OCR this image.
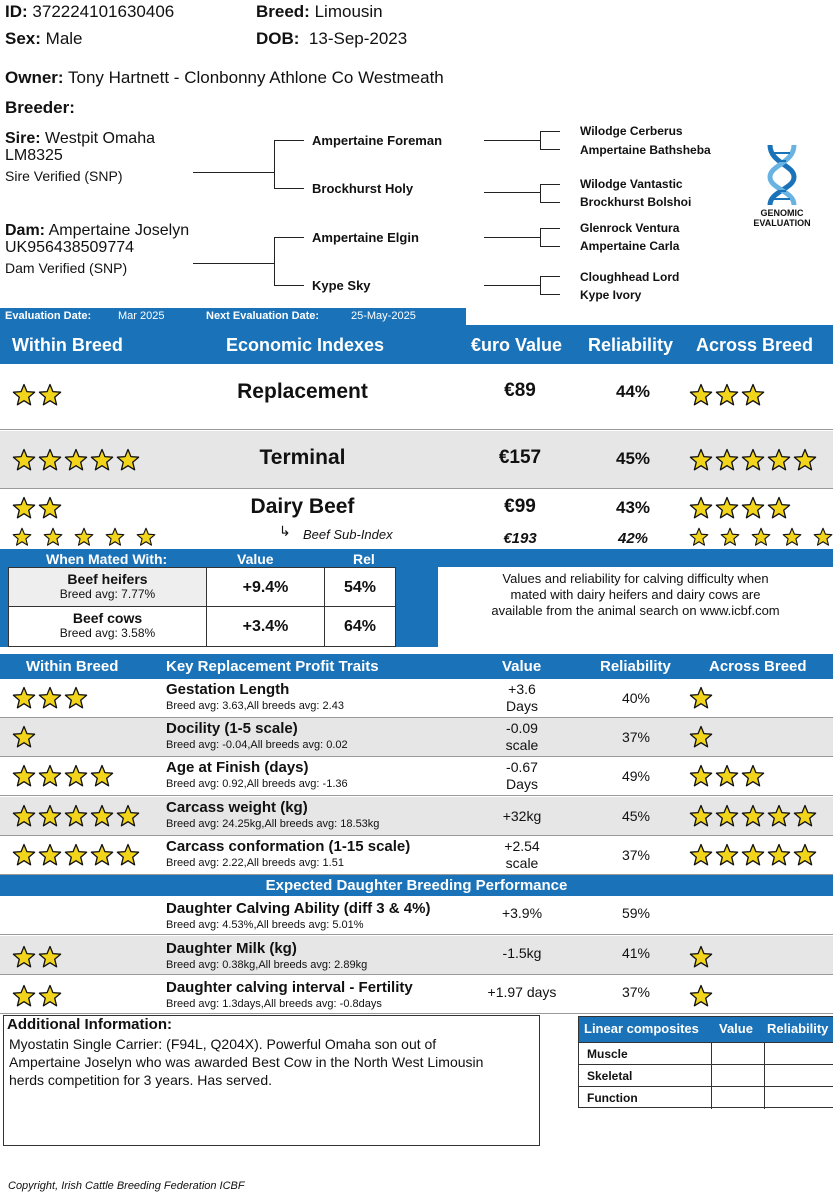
ID: 372224101630406	Breed: Limousin
Sex: Male	DOB: 13-Sep-2023
Owner: Tony Hartnett - Clonbonny Athlone Co Westmeath
Breeder:
Sire: Westpit Omaha
LM8325
Sire Verified (SNP)
Dam: Ampertaine Joselyn
UK956438509774
Dam Verified (SNP)
Ampertaine Foreman
Brockhurst Holy
Ampertaine Elgin
Kype Sky
Wilodge Cerberus
Ampertaine Bathsheba
Wilodge Vantastic
Brockhurst Bolshoi
Glenrock Ventura
Ampertaine Carla
Cloughhead Lord
Kype Ivory
GENOMIC
EVALUATION
Evaluation Date: Mar 2025	Next Evaluation Date:	25-May-2025
Within Breed	Economic Indexes	€uro Value Reliability Across Breed
Replacement	€89	44%
Terminal	€157	45%
Dairy Beef	€99	43%
↳ Beef Sub-Index	€193	42%
When Mated With:	Value	Rel
Beef heifers
Breed avg: 7.77%	+9.4%	54%
Beef cows
Breed avg: 3.58%	+3.4%	64%
Values and reliability for calving difficulty when mated with dairy heifers and dairy cows are available from the animal search on www.icbf.com
Within Breed	Key Replacement Profit Traits	Value	Reliability	Across Breed
Gestation Length
Breed avg: 3.63,All breeds avg: 2.43
+3.6
Days	40%
Docility (1-5 scale)
Breed avg: -0.04,All breeds avg: 0.02
-0.09
scale	37%
Age at Finish (days)
Breed avg: 0.92,All breeds avg: -1.36
-0.67
Days	49%
Carcass weight (kg)
Breed avg: 24.25kg,All breeds avg: 18.53kg	+32kg	45%
Carcass conformation (1-15 scale)
Breed avg: 2.22,All breeds avg: 1.51
+2.54
scale	37%
Expected Daughter Breeding Performance
Daughter Calving Ability (diff 3 & 4%)
Breed avg: 4.53%,All breeds avg: 5.01%
+3.9%	59%
Daughter Milk (kg)
Breed avg: 0.38kg,All breeds avg: 2.89kg
-1.5kg	41%
Daughter calving interval - Fertility
Breed avg: 1.3days,All breeds avg: -0.8days
+1.97 days	37%
Additional Information:
Myostatin Single Carrier: (F94L, Q204X). Powerful Omaha son out of Ampertaine Joselyn who was awarded Best Cow in the North West Limousin herds competition for 3 years. Has served.
Linear composites Value Reliability
Muscle
Skeletal
Function
Copyright, Irish Cattle Breeding Federation ICBF
